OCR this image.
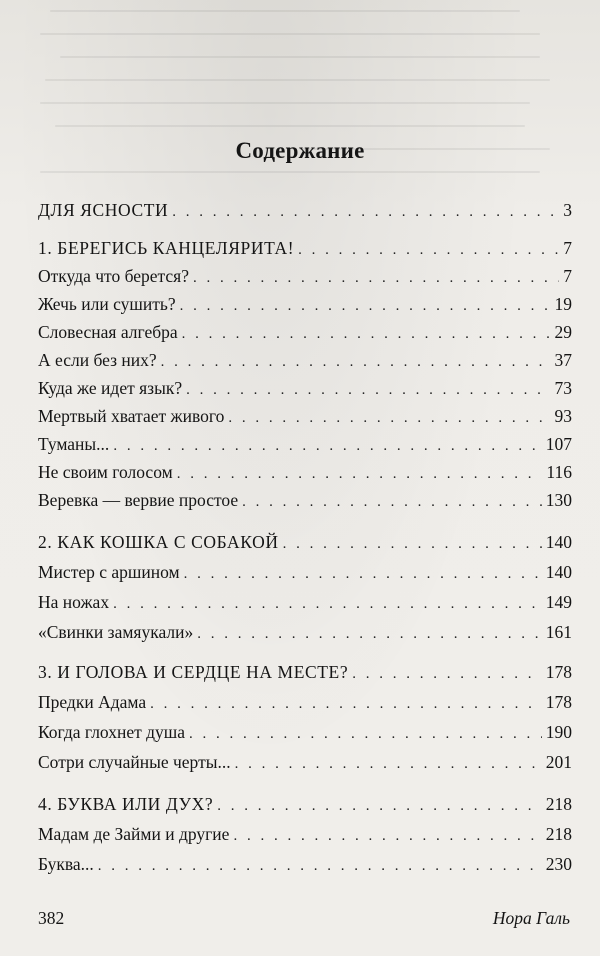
Содержание
ДЛЯ ЯСНОСТИ . . .	3
1. БЕРЕГИСЬ КАНЦЕЛЯРИТА! . . .	7
Откуда что берется? . . .	7
Жечь или сушить? . . .	19
Словесная алгебра . . .	29
А если без них? . . .	37
Куда же идет язык? . . .	73
Мертвый хватает живого . . .	93
Туманы... . . .	107
Не своим голосом . . .	116
Веревка — вервие простое . . .	130
2. КАК КОШКА С СОБАКОЙ . . .	140
Мистер с аршином . . .	140
На ножах . . .	149
«Свинки замяукали» . . .	161
3. И ГОЛОВА И СЕРДЦЕ НА МЕСТЕ? . . .	178
Предки Адама . . .	178
Когда глохнет душа . . .	190
Сотри случайные черты... . . .	201
4. БУКВА ИЛИ ДУХ? . . .	218
Мадам де Займи и другие . . .	218
Буква... . . .	230
382	Нора Галь
